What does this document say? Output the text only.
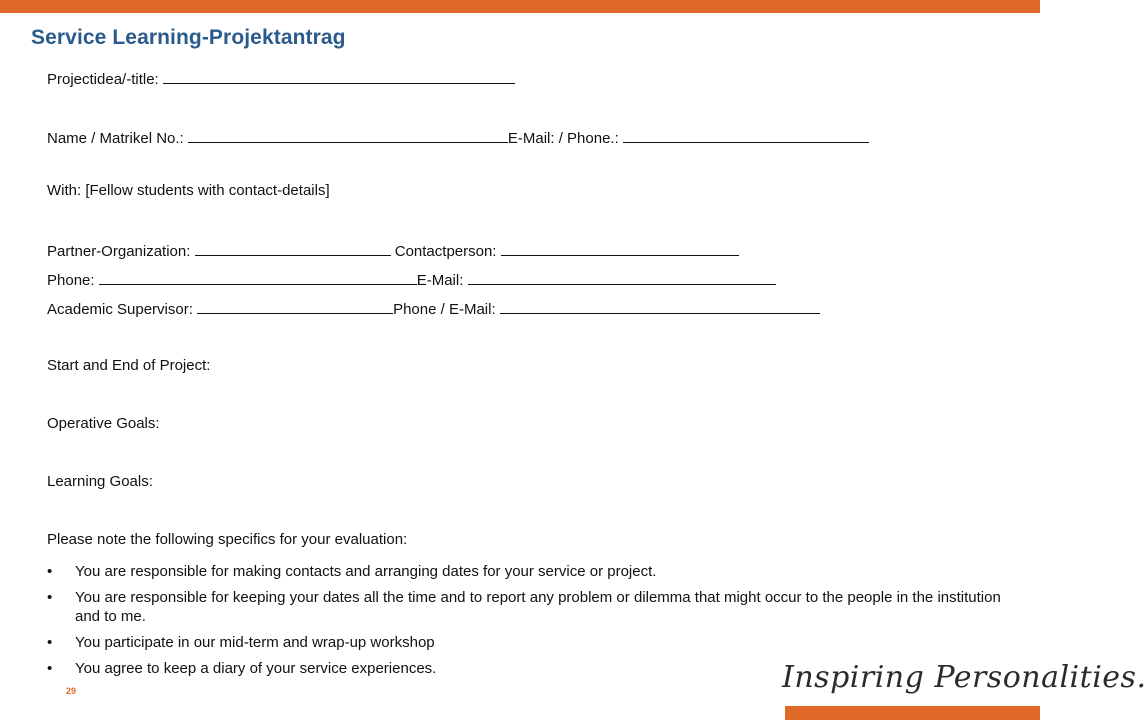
Service Learning-Projektantrag
Projectidea/-title:
Name / Matrikel No.:	E-Mail: / Phone.:
With: [Fellow students with contact-details]
Partner-Organization:	Contactperson:
Phone:	E-Mail:
Academic Supervisor:	Phone / E-Mail:
Start and End of Project:
Operative Goals:
Learning Goals:
Please note the following specifics for your evaluation:
• You are responsible for making contacts and arranging dates for your service or project.
• You are responsible for keeping your dates all the time and to report any problem or dilemma that might occur to the people in the institution and to me.
• You participate in our mid-term and wrap-up workshop
• You agree to keep a diary of your service experiences.
29	Inspiring Personalities.
